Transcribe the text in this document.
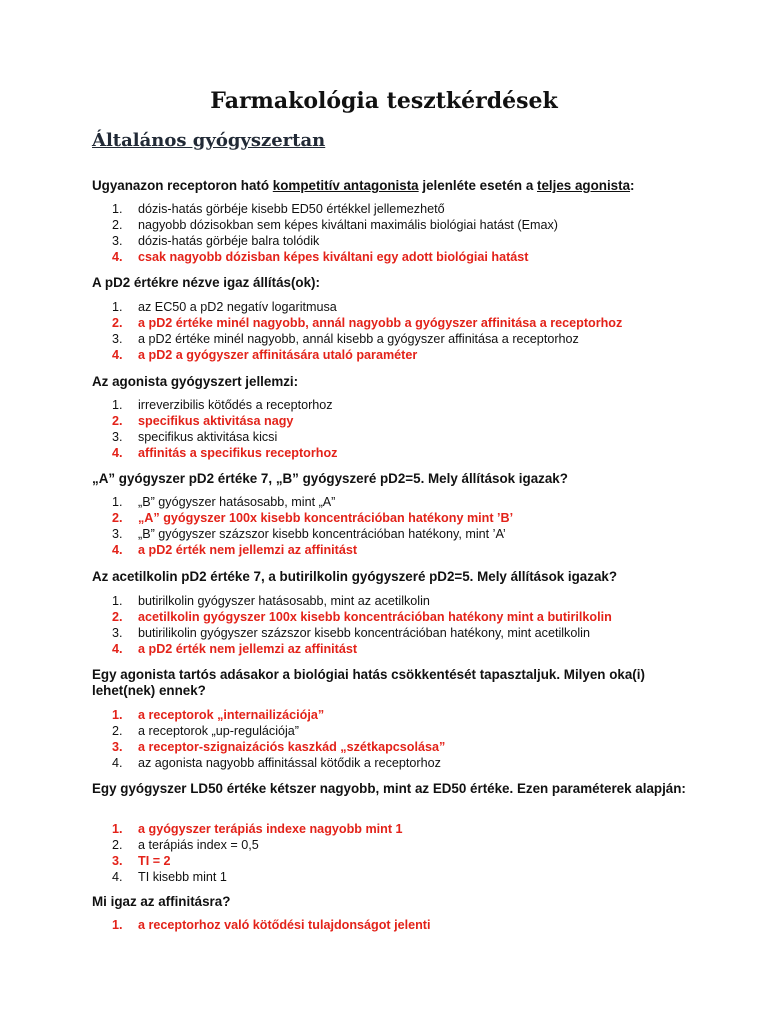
Farmakológia tesztkérdések
Általános gyógyszertan

Ugyanazon receptoron ható kompetitív antagonista jelenléte esetén a teljes agonista:

1. dózis-hatás görbéje kisebb ED50 értékkel jellemezhető
2. nagyobb dózisokban sem képes kiváltani maximális biológiai hatást (Emax)
3. dózis-hatás görbéje balra tolódik
4. csak nagyobb dózisban képes kiváltani egy adott biológiai hatást

A pD2 értékre nézve igaz állítás(ok):

1. az EC50 a pD2 negatív logaritmusa
2. a pD2 értéke minél nagyobb, annál nagyobb a gyógyszer affinitása a receptorhoz
3. a pD2 értéke minél nagyobb, annál kisebb a gyógyszer affinitása a receptorhoz
4. a pD2 a gyógyszer affinitására utaló paraméter

Az agonista gyógyszert jellemzi:

1. irreverzibilis kötődés a receptorhoz
2. specifikus aktivitása nagy
3. specifikus aktivitása kicsi
4. affinitás a specifikus receptorhoz

„A” gyógyszer pD2 értéke 7, „B” gyógyszeré pD2=5. Mely állítások igazak?

1. „B” gyógyszer hatásosabb, mint „A”
2. „A” gyógyszer 100x kisebb koncentrációban hatékony mint ’B’
3. „B” gyógyszer százszor kisebb koncentrációban hatékony, mint ’A’
4. a pD2 érték nem jellemzi az affinitást

Az acetilkolin pD2 értéke 7, a butirilkolin gyógyszeré pD2=5. Mely állítások igazak?

1. butirilkolin gyógyszer hatásosabb, mint az acetilkolin
2. acetilkolin gyógyszer 100x kisebb koncentrációban hatékony mint a butirilkolin
3. butirilikolin gyógyszer százszor kisebb koncentrációban hatékony, mint acetilkolin
4. a pD2 érték nem jellemzi az affinitást

Egy agonista tartós adásakor a biológiai hatás csökkentését tapasztaljuk. Milyen oka(i) lehet(nek) ennek?

1. a receptorok „internailizációja”
2. a receptorok „up-regulációja”
3. a receptor-szignaizációs kaszkád „szétkapcsolása”
4. az agonista nagyobb affinitással kötődik a receptorhoz

Egy gyógyszer LD50 értéke kétszer nagyobb, mint az ED50 értéke. Ezen paraméterek alapján:

1. a gyógyszer terápiás indexe nagyobb mint 1
2. a terápiás index = 0,5
3. TI = 2
4. TI kisebb mint 1

Mi igaz az affinitásra?

1. a receptorhoz való kötődési tulajdonságot jelenti
